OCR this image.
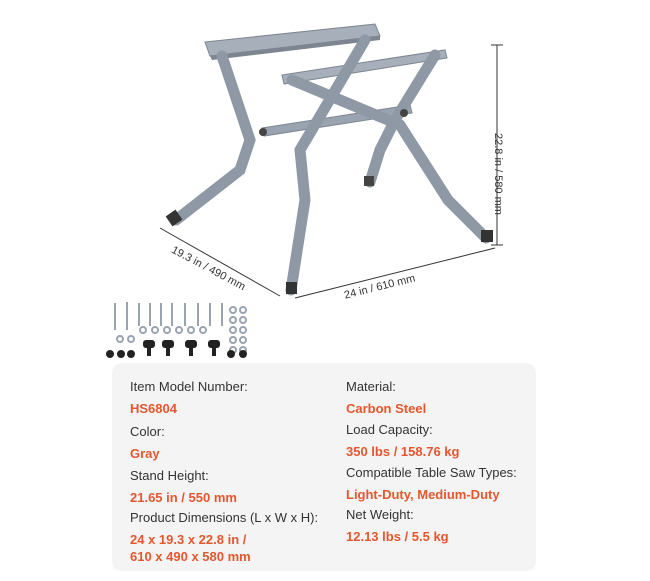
22.8 in / 580 mm
19.3 in / 490 mm	24 in / 610 mm
Item Model Number:
HS6804
Color:
Gray
Stand Height:
21.65 in / 550 mm
Product Dimensions (L x W x H):
24 x 19.3 x 22.8 in /
610 x 490 x 580 mm
Material:
Carbon Steel
Load Capacity:
350 lbs / 158.76 kg
Compatible Table Saw Types:
Light-Duty, Medium-Duty
Net Weight:
12.13 lbs / 5.5 kg
